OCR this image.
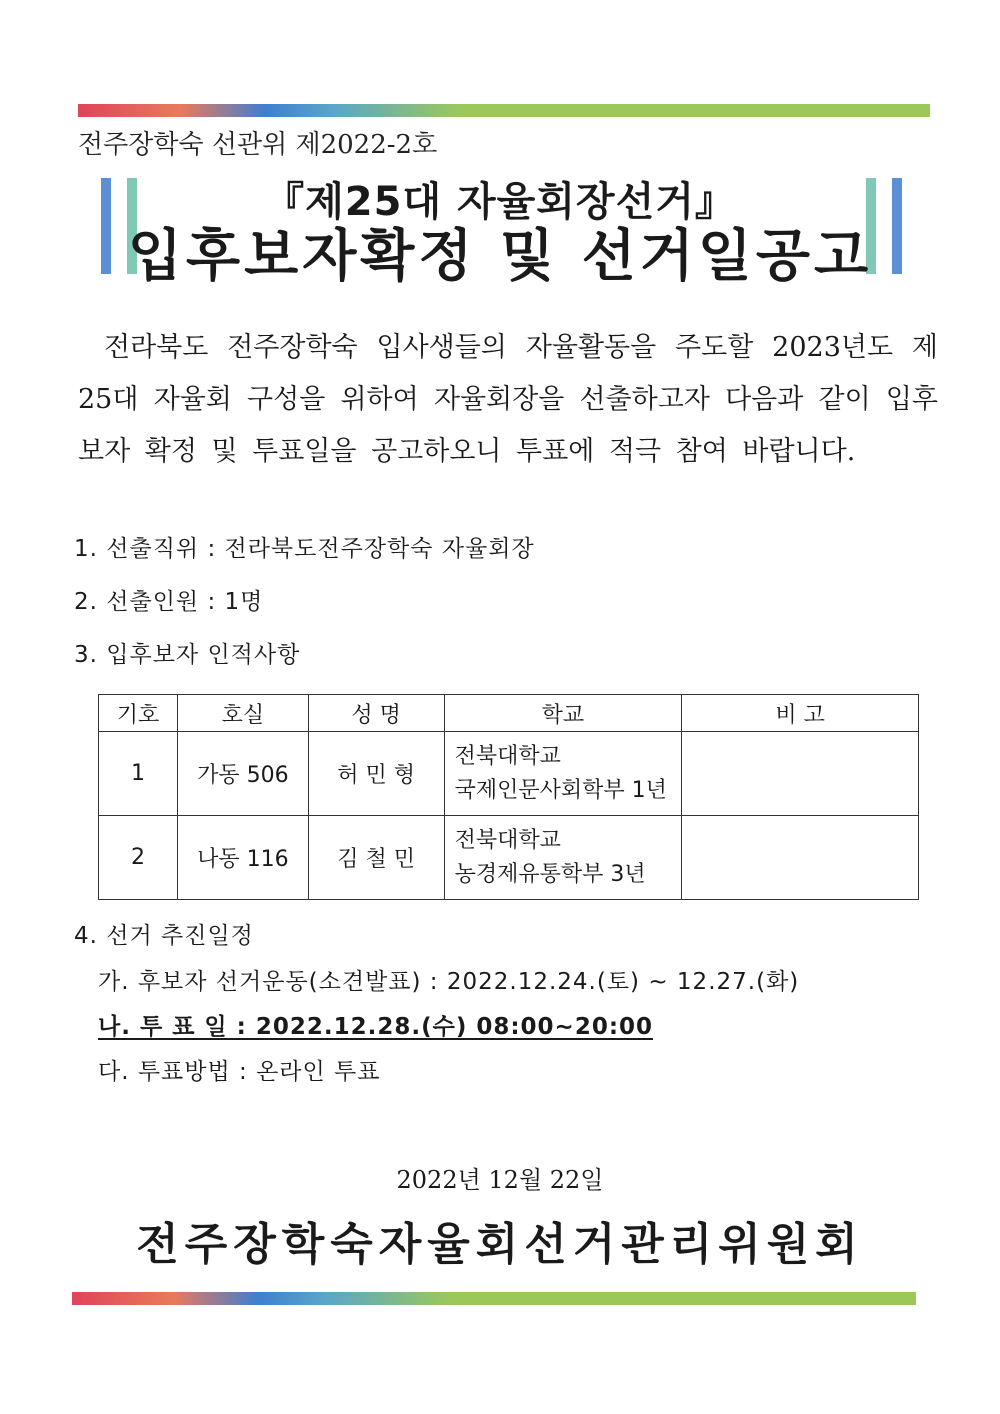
전주장학숙 선관위 제2022-2호
『제25대 자율회장선거』
입후보자확정 및 선거일공고
전라북도 전주장학숙 입사생들의 자율활동을 주도할 2023년도 제25대 자율회 구성을 위하여 자율회장을 선출하고자 다음과 같이 입후보자 확정 및 투표일을 공고하오니 투표에 적극 참여 바랍니다.
1. 선출직위 : 전라북도전주장학숙 자율회장
2. 선출인원 : 1명
3. 입후보자 인적사항
기호	호실	성 명	학교	비 고
1	가동 506	허 민 형	전북대학교
국제인문사회학부 1년	

2	나동 116	김 철 민	전북대학교
농경제유통학부 3년	

4. 선거 추진일정
가. 후보자 선거운동(소견발표) : 2022.12.24.(토) ~ 12.27.(화)
나. 투 표 일 : 2022.12.28.(수) 08:00~20:00
다. 투표방법 : 온라인 투표
2022년 12월 22일
전주장학숙자율회선거관리위원회
